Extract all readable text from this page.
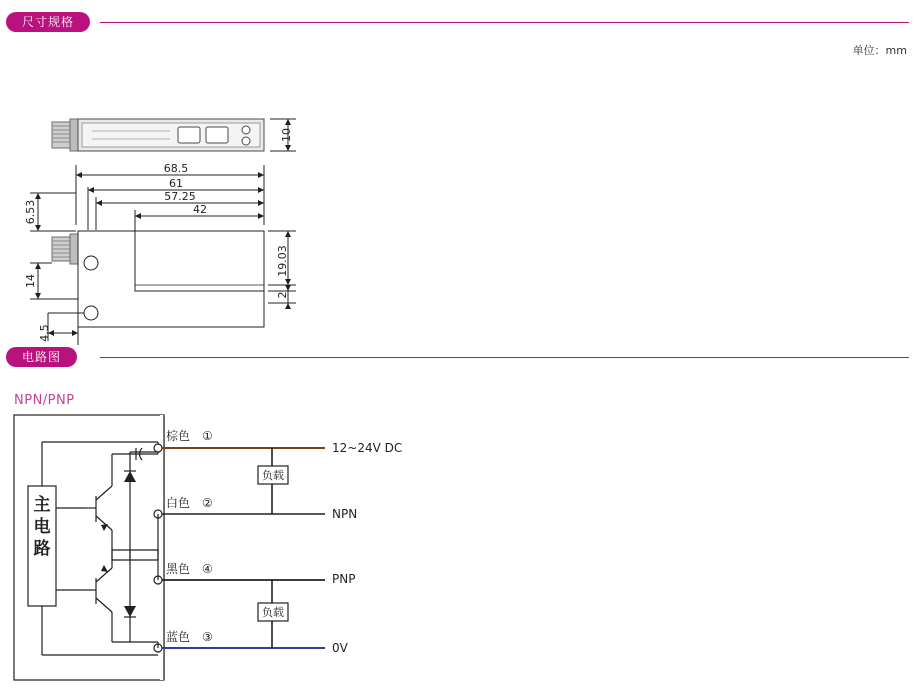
尺寸规格
单位：mm
68.5
61
57.25
42
10
19.03
2
6.53
14
4.5
电路图
NPN/PNP
主
电
路
棕色 ①
12~24V DC
白色 ②
NPN
黑色 ④
PNP
蓝色 ③
0V
负载
负载
